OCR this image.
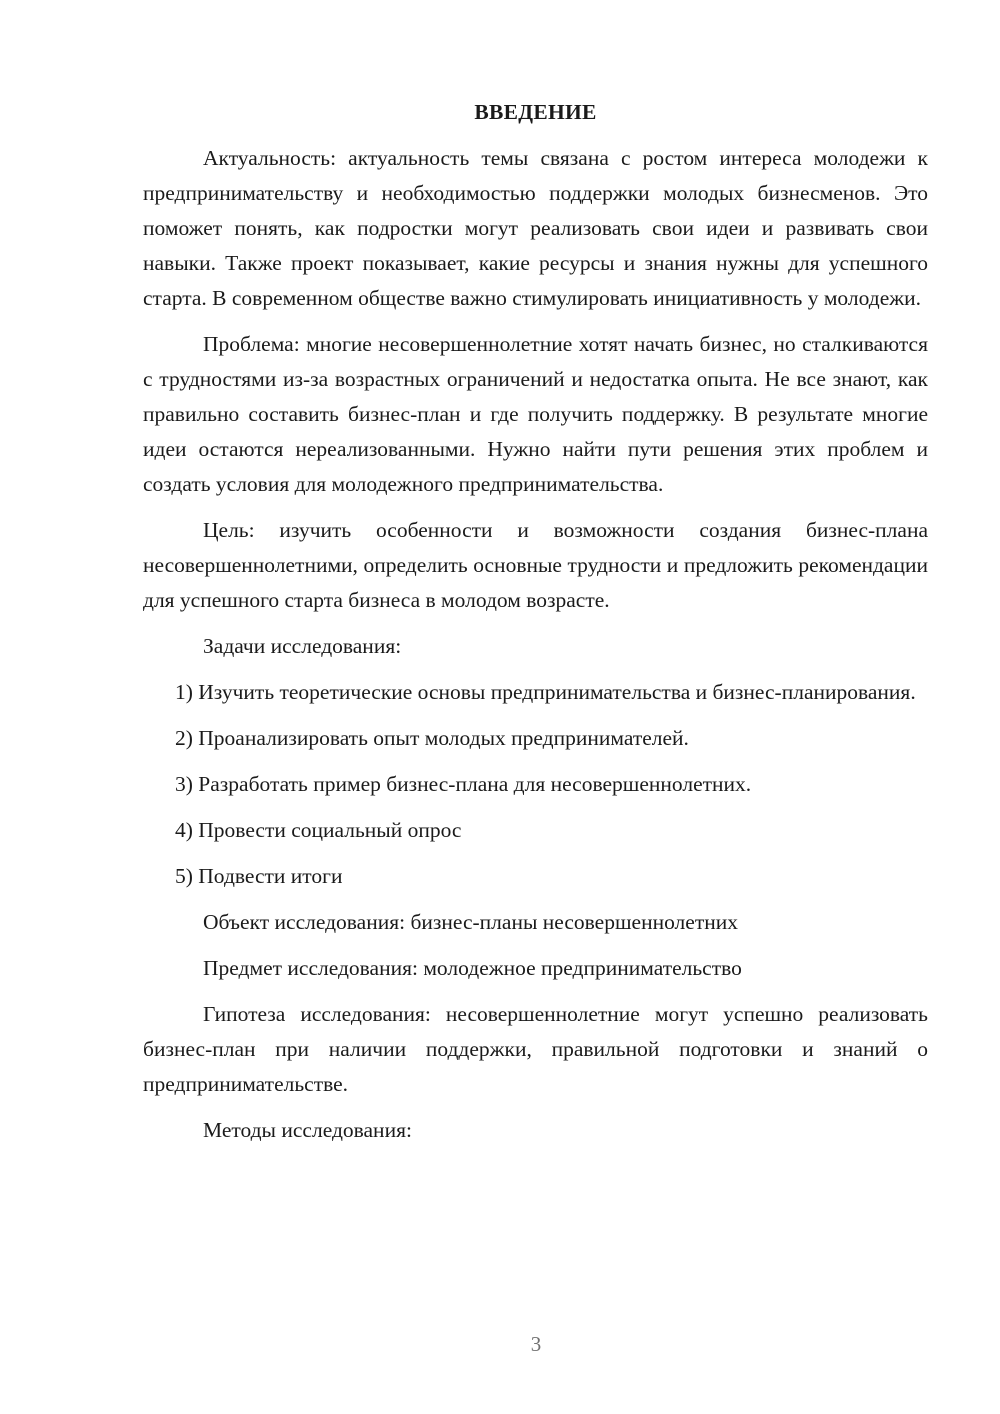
ВВЕДЕНИЕ

Актуальность: актуальность темы связана с ростом интереса молодежи к предпринимательству и необходимостью поддержки молодых бизнесменов. Это поможет понять, как подростки могут реализовать свои идеи и развивать свои навыки. Также проект показывает, какие ресурсы и знания нужны для успешного старта. В современном обществе важно стимулировать инициативность у молодежи.

Проблема: многие несовершеннолетние хотят начать бизнес, но сталкиваются с трудностями из-за возрастных ограничений и недостатка опыта. Не все знают, как правильно составить бизнес-план и где получить поддержку. В результате многие идеи остаются нереализованными. Нужно найти пути решения этих проблем и создать условия для молодежного предпринимательства.

Цель: изучить особенности и возможности создания бизнес-плана несовершеннолетними, определить основные трудности и предложить рекомендации для успешного старта бизнеса в молодом возрасте.

Задачи исследования:

1) Изучить теоретические основы предпринимательства и бизнес-планирования.

2) Проанализировать опыт молодых предпринимателей.

3) Разработать пример бизнес-плана для несовершеннолетних.

4) Провести социальный опрос

5) Подвести итоги

Объект исследования: бизнес-планы несовершеннолетних

Предмет исследования: молодежное предпринимательство

Гипотеза исследования: несовершеннолетние могут успешно реализовать бизнес-план при наличии поддержки, правильной подготовки и знаний о предпринимательстве.

Методы исследования:

3
